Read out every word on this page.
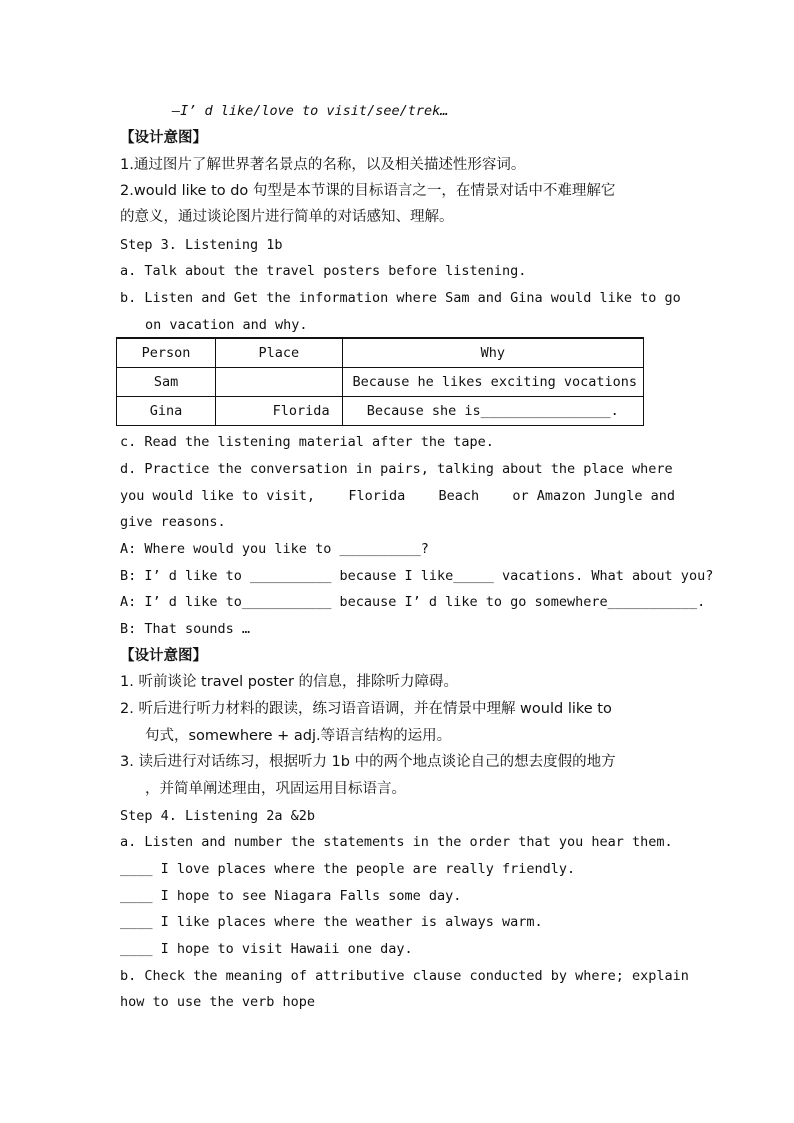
—I’ d like/love to visit/see/trek…
【设计意图】
1.通过图片了解世界著名景点的名称，以及相关描述性形容词。
2.would like to do 句型是本节课的目标语言之一，在情景对话中不难理解它
的意义，通过谈论图片进行简单的对话感知、理解。
Step 3. Listening 1b
a. Talk about the travel posters before listening.
b. Listen and Get the information where Sam and Gina would like to go
on vacation and why.
Person	Place	Why
Sam		Because he likes exciting vocations
Gina	Florida	Because she is________________.
c. Read the listening material after the tape.
d. Practice the conversation in pairs, talking about the place where
you would like to visit, Florida Beach or Amazon Jungle and
give reasons.
A: Where would you like to __________?
B: I’ d like to __________ because I like_____ vacations. What about you?
A: I’ d like to___________ because I’ d like to go somewhere___________.
B: That sounds …
【设计意图】
1. 听前谈论 travel poster 的信息，排除听力障碍。
2. 听后进行听力材料的跟读，练习语音语调，并在情景中理解 would like to
句式，somewhere + adj.等语言结构的运用。
3. 读后进行对话练习，根据听力 1b 中的两个地点谈论自己的想去度假的地方
，并简单阐述理由，巩固运用目标语言。
Step 4. Listening 2a &2b
a. Listen and number the statements in the order that you hear them.
____ I love places where the people are really friendly.
____ I hope to see Niagara Falls some day.
____ I like places where the weather is always warm.
____ I hope to visit Hawaii one day.
b. Check the meaning of attributive clause conducted by where; explain
how to use the verb hope
